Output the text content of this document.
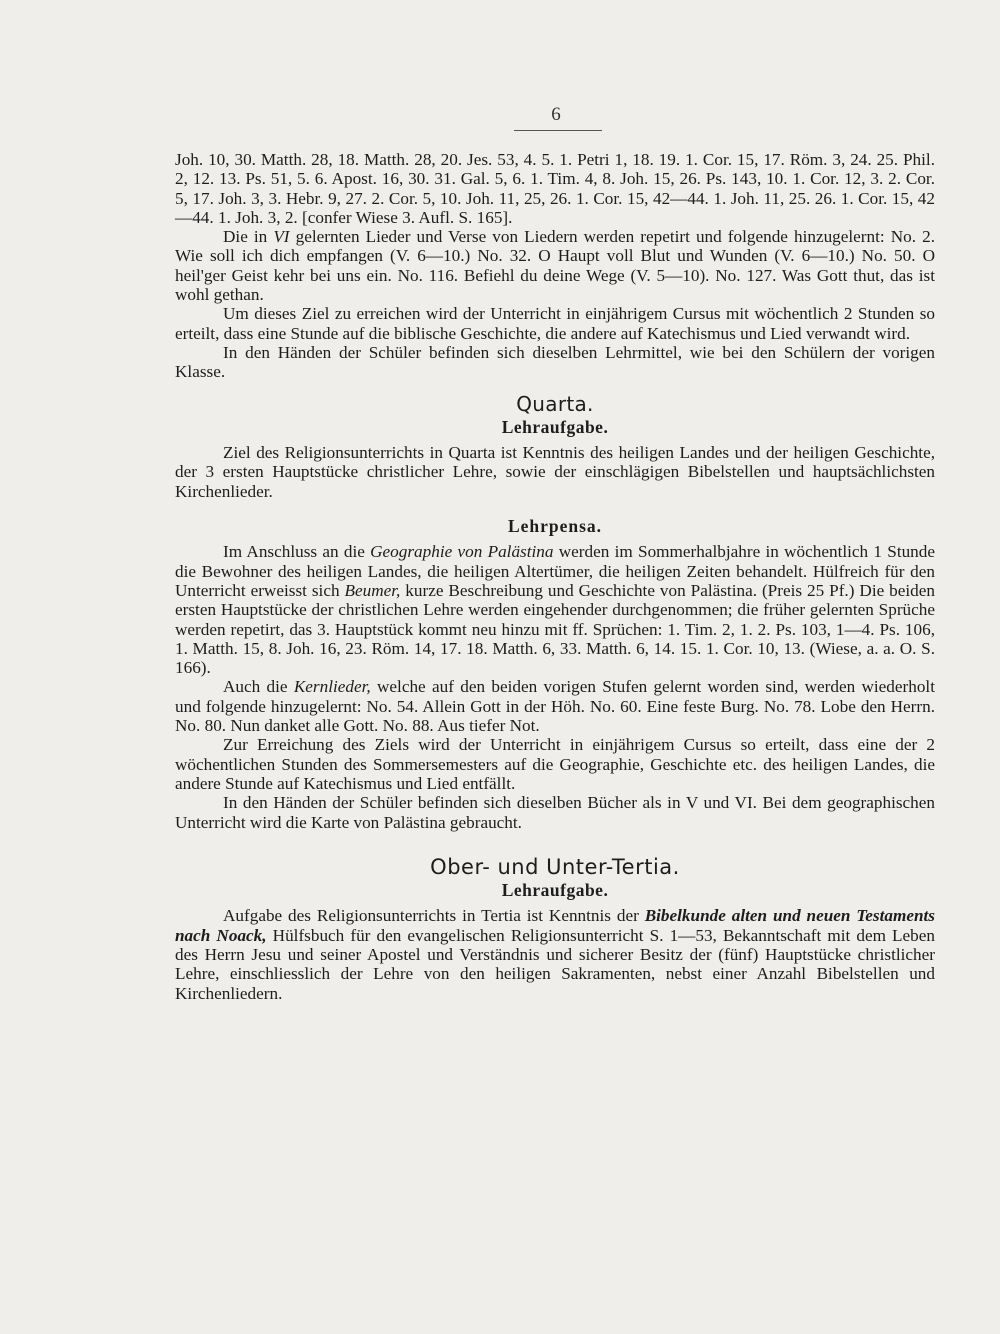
6

Joh. 10, 30. Matth. 28, 18. Matth. 28, 20. Jes. 53, 4. 5. 1. Petri 1, 18. 19. 1. Cor. 15, 17. Röm. 3, 24. 25. Phil. 2, 12. 13. Ps. 51, 5. 6. Apost. 16, 30. 31. Gal. 5, 6. 1. Tim. 4, 8. Joh. 15, 26. Ps. 143, 10. 1. Cor. 12, 3. 2. Cor. 5, 17. Joh. 3, 3. Hebr. 9, 27. 2. Cor. 5, 10. Joh. 11, 25, 26. 1. Cor. 15, 42—44. 1. Joh. 11, 25. 26. 1. Cor. 15, 42—44. 1. Joh. 3, 2. [confer Wiese 3. Aufl. S. 165].

Die in VI gelernten Lieder und Verse von Liedern werden repetirt und folgende hinzugelernt: No. 2. Wie soll ich dich empfangen (V. 6—10.) No. 32. O Haupt voll Blut und Wunden (V. 6—10.) No. 50. O heil'ger Geist kehr bei uns ein. No. 116. Befiehl du deine Wege (V. 5—10). No. 127. Was Gott thut, das ist wohl gethan.

Um dieses Ziel zu erreichen wird der Unterricht in einjährigem Cursus mit wöchentlich 2 Stunden so erteilt, dass eine Stunde auf die biblische Geschichte, die andere auf Katechismus und Lied verwandt wird.

In den Händen der Schüler befinden sich dieselben Lehrmittel, wie bei den Schülern der vorigen Klasse.

Quarta.

Lehraufgabe.

Ziel des Religionsunterrichts in Quarta ist Kenntnis des heiligen Landes und der heiligen Geschichte, der 3 ersten Hauptstücke christlicher Lehre, sowie der einschlägigen Bibelstellen und hauptsächlichsten Kirchenlieder.

Lehrpensa.

Im Anschluss an die Geographie von Palästina werden im Sommerhalbjahre in wöchentlich 1 Stunde die Bewohner des heiligen Landes, die heiligen Altertümer, die heiligen Zeiten behandelt. Hülfreich für den Unterricht erweisst sich Beumer, kurze Beschreibung und Geschichte von Palästina. (Preis 25 Pf.) Die beiden ersten Hauptstücke der christlichen Lehre werden eingehender durchgenommen; die früher gelernten Sprüche werden repetirt, das 3. Hauptstück kommt neu hinzu mit ff. Sprüchen: 1. Tim. 2, 1. 2. Ps. 103, 1—4. Ps. 106, 1. Matth. 15, 8. Joh. 16, 23. Röm. 14, 17. 18. Matth. 6, 33. Matth. 6, 14. 15. 1. Cor. 10, 13. (Wiese, a. a. O. S. 166).

Auch die Kernlieder, welche auf den beiden vorigen Stufen gelernt worden sind, werden wiederholt und folgende hinzugelernt: No. 54. Allein Gott in der Höh. No. 60. Eine feste Burg. No. 78. Lobe den Herrn. No. 80. Nun danket alle Gott. No. 88. Aus tiefer Not.

Zur Erreichung des Ziels wird der Unterricht in einjährigem Cursus so erteilt, dass eine der 2 wöchentlichen Stunden des Sommersemesters auf die Geographie, Geschichte etc. des heiligen Landes, die andere Stunde auf Katechismus und Lied entfällt.

In den Händen der Schüler befinden sich dieselben Bücher als in V und VI. Bei dem geographischen Unterricht wird die Karte von Palästina gebraucht.

Ober- und Unter-Tertia.

Lehraufgabe.

Aufgabe des Religionsunterrichts in Tertia ist Kenntnis der Bibelkunde alten und neuen Testaments nach Noack, Hülfsbuch für den evangelischen Religionsunterricht S. 1—53, Bekanntschaft mit dem Leben des Herrn Jesu und seiner Apostel und Verständnis und sicherer Besitz der (fünf) Hauptstücke christlicher Lehre, einschliesslich der Lehre von den heiligen Sakramenten, nebst einer Anzahl Bibelstellen und Kirchenliedern.
